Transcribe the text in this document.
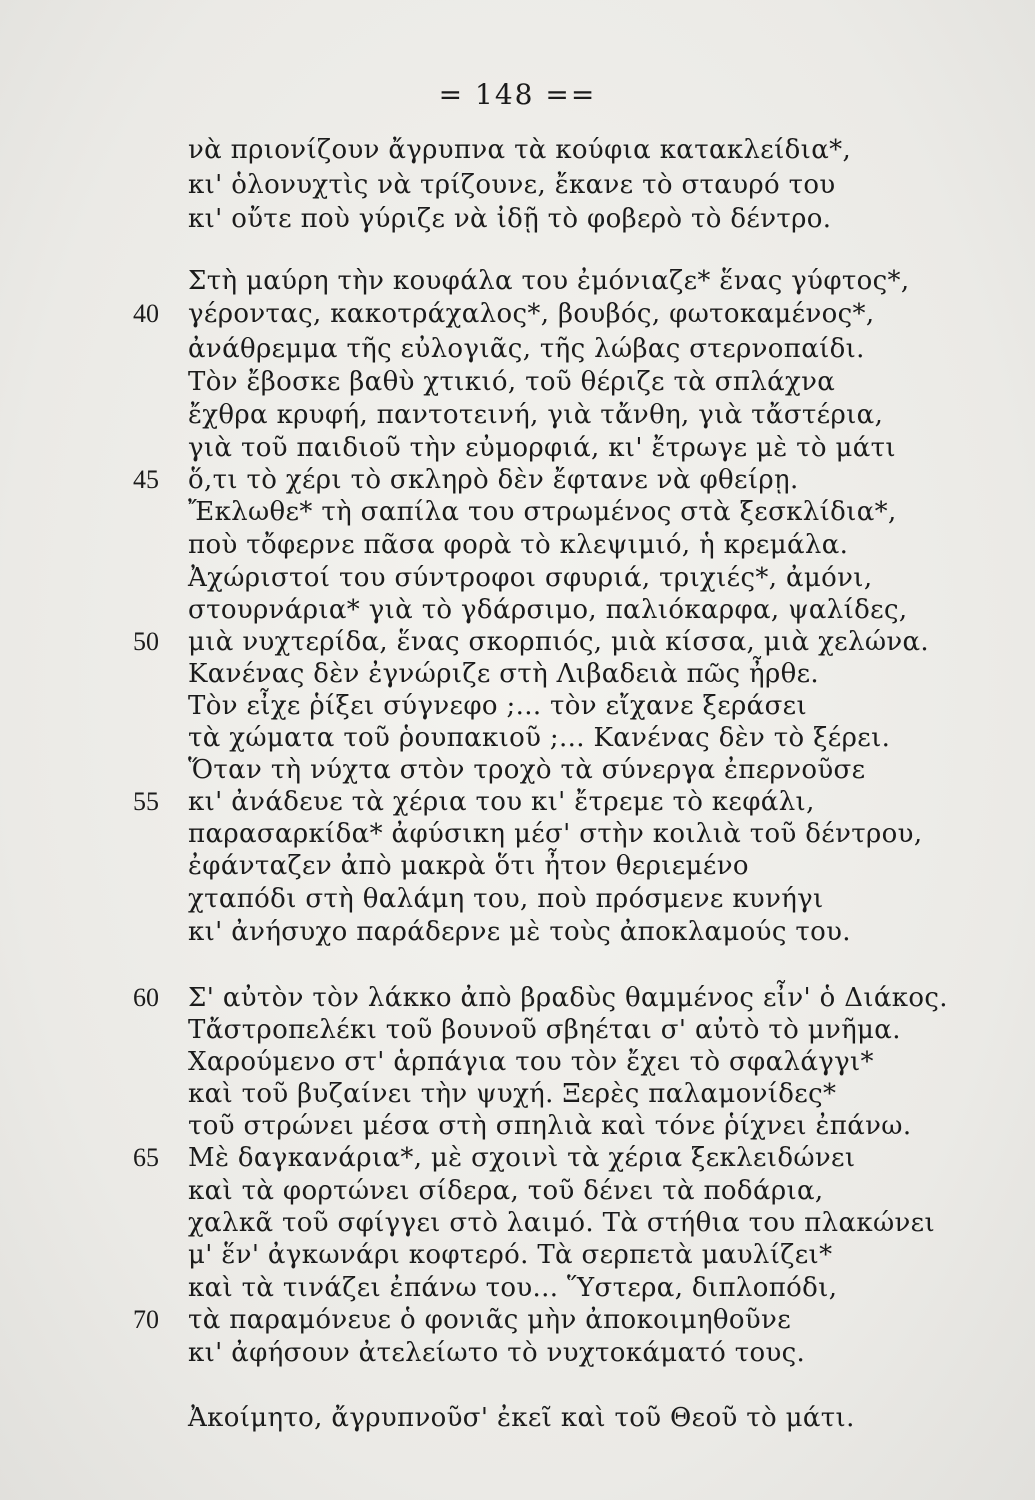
= 148 ==
νὰ πριονίζουν ἄγρυπνα τὰ κούφια κατακλείδια*,
κι' ὁλονυχτὶς νὰ τρίζουνε, ἔκανε τὸ σταυρό του
κι' οὔτε ποὺ γύριζε νὰ ἰδῇ τὸ φοβερὸ τὸ δέντρο.
Στὴ μαύρη τὴν κουφάλα του ἐμόνιαζε* ἕνας γύφτος*,
γέροντας, κακοτράχαλος*, βουβός, φωτοκαμένος*,
ἀνάθρεμμα τῆς εὐλογιᾶς, τῆς λώβας στερνοπαίδι.
Τὸν ἔβοσκε βαθὺ χτικιό, τοῦ θέριζε τὰ σπλάχνα
ἔχθρα κρυφή, παντοτεινή, γιὰ τἄνθη, γιὰ τἄστέρια,
γιὰ τοῦ παιδιοῦ τὴν εὐμορφιά, κι' ἔτρωγε μὲ τὸ μάτι
ὅ,τι τὸ χέρι τὸ σκληρὸ δὲν ἔφτανε νὰ φθείρῃ.
Ἔκλωθε* τὴ σαπίλα του στρωμένος στὰ ξεσκλίδια*,
ποὺ τὄφερνε πᾶσα φορὰ τὸ κλεψιμιό, ἡ κρεμάλα.
Ἀχώριστοί του σύντροφοι σφυριά, τριχιές*, ἀμόνι,
στουρνάρια* γιὰ τὸ γδάρσιμο, παλιόκαρφα, ψαλίδες,
μιὰ νυχτερίδα, ἕνας σκορπιός, μιὰ κίσσα, μιὰ χελώνα.
Κανένας δὲν ἐγνώριζε στὴ Λιβαδειὰ πῶς ἦρθε.
Τὸν εἶχε ῥίξει σύγνεφο ;... τὸν εἴχανε ξεράσει
τὰ χώματα τοῦ ῥουπακιοῦ ;... Κανένας δὲν τὸ ξέρει.
Ὅταν τὴ νύχτα στὸν τροχὸ τὰ σύνεργα ἐπερνοῦσε
κι' ἀνάδευε τὰ χέρια του κι' ἔτρεμε τὸ κεφάλι,
παρασαρκίδα* ἀφύσικη μέσ' στὴν κοιλιὰ τοῦ δέντρου,
ἐφάνταζεν ἀπὸ μακρὰ ὅτι ἦτον θεριεμένο
χταπόδι στὴ θαλάμη του, ποὺ πρόσμενε κυνήγι
κι' ἀνήσυχο παράδερνε μὲ τοὺς ἀποκλαμούς του.
Σ' αὐτὸν τὸν λάκκο ἀπὸ βραδὺς θαμμένος εἶν' ὁ Διάκος.
Τἄστροπελέκι τοῦ βουνοῦ σβηέται σ' αὐτὸ τὸ μνῆμα.
Χαρούμενο στ' ἁρπάγια του τὸν ἔχει τὸ σφαλάγγι*
καὶ τοῦ βυζαίνει τὴν ψυχή. Ξερὲς παλαμονίδες*
τοῦ στρώνει μέσα στὴ σπηλιὰ καὶ τόνε ῥίχνει ἐπάνω.
Μὲ δαγκανάρια*, μὲ σχοινὶ τὰ χέρια ξεκλειδώνει
καὶ τὰ φορτώνει σίδερα, τοῦ δένει τὰ ποδάρια,
χαλκᾶ τοῦ σφίγγει στὸ λαιμό. Τὰ στήθια του πλακώνει
μ' ἕν' ἀγκωνάρι κοφτερό. Τὰ σερπετὰ μαυλίζει*
καὶ τὰ τινάζει ἐπάνω του... Ὕστερα, διπλοπόδι,
τὰ παραμόνευε ὁ φονιᾶς μὴν ἀποκοιμηθοῦνε
κι' ἀφήσουν ἀτελείωτο τὸ νυχτοκάματό τους.
Ἀκοίμητο, ἄγρυπνοῦσ' ἐκεῖ καὶ τοῦ Θεοῦ τὸ μάτι.
40
45
50
55
60
65
70
